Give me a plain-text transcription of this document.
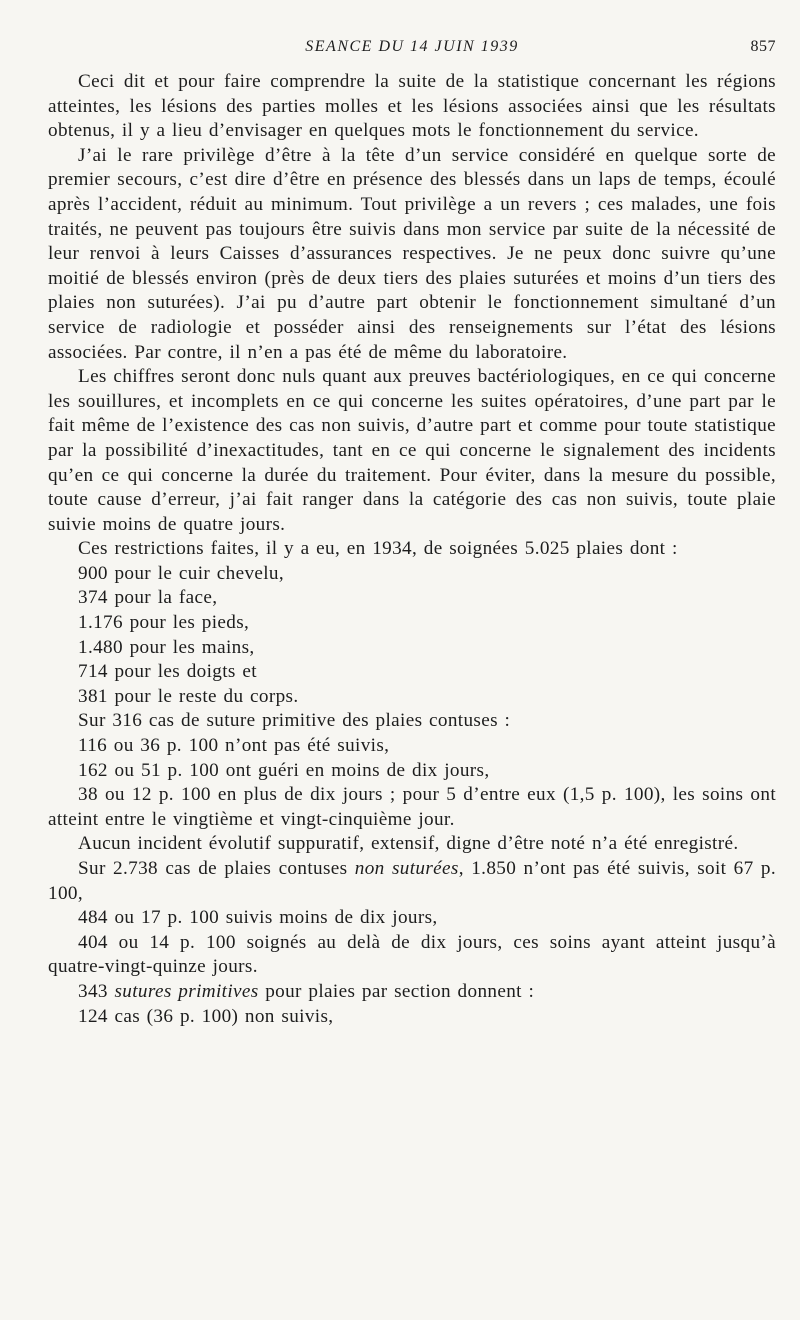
SEANCE DU 14 JUIN 1939	857

Ceci dit et pour faire comprendre la suite de la statistique concernant les régions atteintes, les lésions des parties molles et les lésions associées ainsi que les résultats obtenus, il y a lieu d’envisager en quelques mots le fonctionnement du service.

J’ai le rare privilège d’être à la tête d’un service considéré en quelque sorte de premier secours, c’est dire d’être en présence des blessés dans un laps de temps, écoulé après l’accident, réduit au minimum. Tout privilège a un revers ; ces malades, une fois traités, ne peuvent pas toujours être suivis dans mon service par suite de la nécessité de leur renvoi à leurs Caisses d’assurances respectives. Je ne peux donc suivre qu’une moitié de blessés environ (près de deux tiers des plaies suturées et moins d’un tiers des plaies non suturées). J’ai pu d’autre part obtenir le fonctionnement simultané d’un service de radiologie et posséder ainsi des renseignements sur l’état des lésions associées. Par contre, il n’en a pas été de même du laboratoire.

Les chiffres seront donc nuls quant aux preuves bactériologiques, en ce qui concerne les souillures, et incomplets en ce qui concerne les suites opératoires, d’une part par le fait même de l’existence des cas non suivis, d’autre part et comme pour toute statistique par la possibilité d’inexactitudes, tant en ce qui concerne le signalement des incidents qu’en ce qui concerne la durée du traitement. Pour éviter, dans la mesure du possible, toute cause d’erreur, j’ai fait ranger dans la catégorie des cas non suivis, toute plaie suivie moins de quatre jours.

Ces restrictions faites, il y a eu, en 1934, de soignées 5.025 plaies dont :

900 pour le cuir chevelu,

374 pour la face,

1.176 pour les pieds,

1.480 pour les mains,

714 pour les doigts et

381 pour le reste du corps.

Sur 316 cas de suture primitive des plaies contuses :

116 ou 36 p. 100 n’ont pas été suivis,

162 ou 51 p. 100 ont guéri en moins de dix jours,

38 ou 12 p. 100 en plus de dix jours ; pour 5 d’entre eux (1,5 p. 100), les soins ont atteint entre le vingtième et vingt-cinquième jour.

Aucun incident évolutif suppuratif, extensif, digne d’être noté n’a été enregistré.

Sur 2.738 cas de plaies contuses non suturées, 1.850 n’ont pas été suivis, soit 67 p. 100,

484 ou 17 p. 100 suivis moins de dix jours,

404 ou 14 p. 100 soignés au delà de dix jours, ces soins ayant atteint jusqu’à quatre-vingt-quinze jours.

343 sutures primitives pour plaies par section donnent :

124 cas (36 p. 100) non suivis,
